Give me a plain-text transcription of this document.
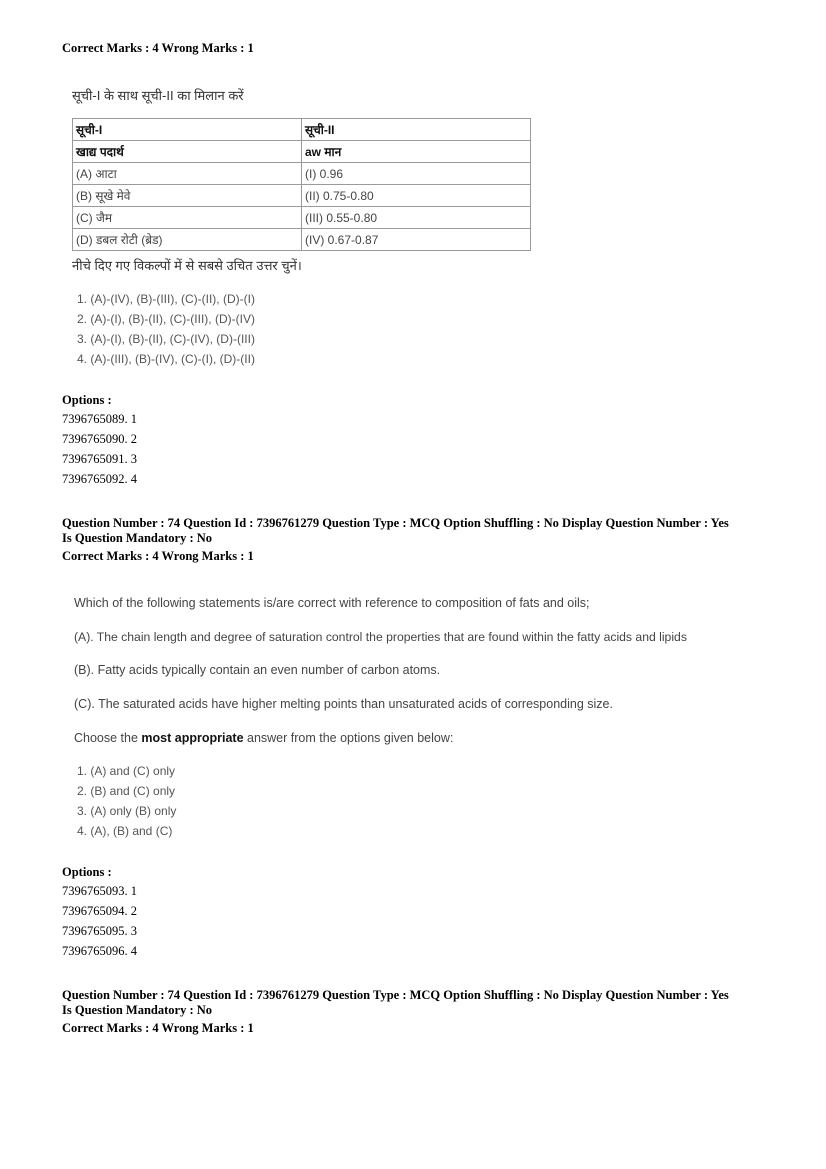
Correct Marks : 4 Wrong Marks : 1
सूची-I के साथ सूची-II का मिलान करें
सूची-I	सूची-II
खाद्य पदार्थ	aw मान
(A) आटा	(I) 0.96
(B) सूखे मेवे	(II) 0.75-0.80
(C) जैम	(III) 0.55-0.80
(D) डबल रोटी (ब्रेड)	(IV) 0.67-0.87
नीचे दिए गए विकल्पों में से सबसे उचित उत्तर चुनें।
1. (A)-(IV), (B)-(III), (C)-(II), (D)-(I)
2. (A)-(I), (B)-(II), (C)-(III), (D)-(IV)
3. (A)-(I), (B)-(II), (C)-(IV), (D)-(III)
4. (A)-(III), (B)-(IV), (C)-(I), (D)-(II)
Options :
7396765089. 1
7396765090. 2
7396765091. 3
7396765092. 4
Question Number : 74 Question Id : 7396761279 Question Type : MCQ Option Shuffling : No Display Question Number : Yes
Is Question Mandatory : No
Correct Marks : 4 Wrong Marks : 1
Which of the following statements is/are correct with reference to composition of fats and oils;
(A). The chain length and degree of saturation control the properties that are found within the fatty acids and lipids
(B). Fatty acids typically contain an even number of carbon atoms.
(C). The saturated acids have higher melting points than unsaturated acids of corresponding size.
Choose the most appropriate answer from the options given below:
1. (A) and (C) only
2. (B) and (C) only
3. (A) only (B) only
4. (A), (B) and (C)
Options :
7396765093. 1
7396765094. 2
7396765095. 3
7396765096. 4
Question Number : 74 Question Id : 7396761279 Question Type : MCQ Option Shuffling : No Display Question Number : Yes
Is Question Mandatory : No
Correct Marks : 4 Wrong Marks : 1
